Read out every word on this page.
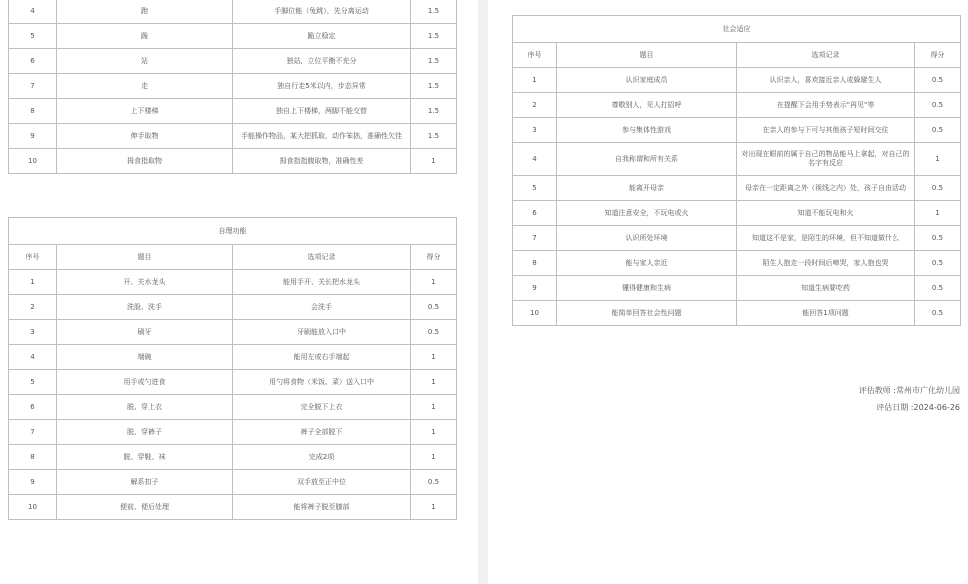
4	跑	手脚位能（兔跳），先分离运动	1.5
5	跪	跪立稳定	1.5
6	站	独站，立位平衡不充分	1.5
7	走	独自行走5米以内，步态异常	1.5
8	上下楼梯	独自上下楼梯，两脚不能交替	1.5
9	伸手取物	手能操作物品，某大把抓取，动作笨拙，准确性欠佳	1.5
10	拇食指取物	拇食指指腹取物，准确性差	1
自理功能			
序号	题目	选项记录	得分
1	开、关水龙头	能用手开、关长把水龙头	1
2	洗脸、洗手	会洗手	0.5
3	刷牙	牙刷能放入口中	0.5
4	端碗	能用左或右手端起	1
5	用手或勺进食	用勺将食物（米饭、菜）送入口中	1
6	脱、穿上衣	完全脱下上衣	1
7	脱、穿裤子	裤子全部脱下	1
8	脱、穿鞋、袜	完成2项	1
9	解系扣子	双手放至正中位	0.5
10	便前、便后处理	能将裤子脱至膝部	1
社会适应			
序号	题目	选项记录	得分
1	认识家庭成员	认识亲人，喜欢接近亲人或躲避生人	0.5
2	尊敬别人，见人打招呼	在提醒下会用手势表示"再见"等	0.5
3	参与集体性游戏	在亲人的参与下可与其他孩子短时间交往	0.5
4	自我称谓和所有关系	对出现在眼前的属于自己的物品能马上拿起，对自己的名字有反应	1
5	能离开母亲	母亲在一定距离之外（视线之内）处，孩子自由活动	0.5
6	知道注意安全，不玩电或火	知道不能玩电和火	1
7	认识所处环境	知道这不是家，是陌生的环境，但不知道做什么	0.5
8	能与家人亲近	陌生人抱走一段时间后啼哭，家人抱也哭	0.5
9	懂得健康和生病	知道生病要吃药	0.5
10	能简单回答社会性问题	能回答1项问题	0.5
评估教师 :常州市广化幼儿园
评估日期 :2024-06-26
